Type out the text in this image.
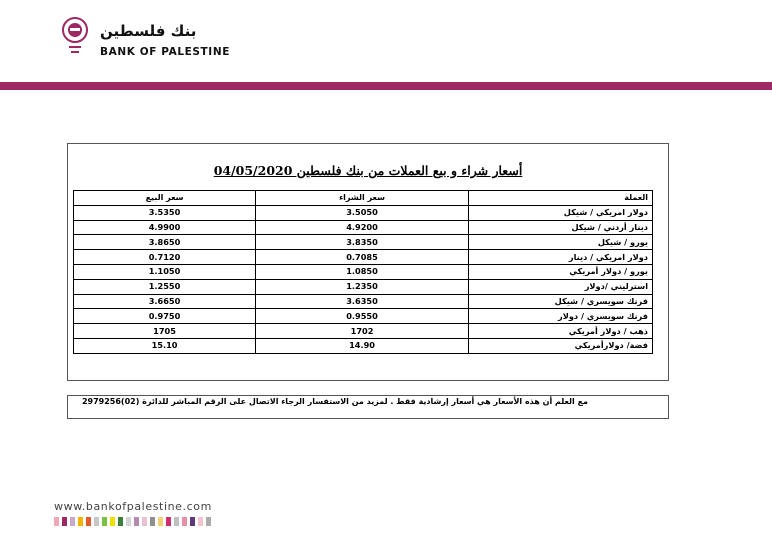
بنك فلسطين
BANK OF PALESTINE
أسعار شراء و بيع العملات من بنك فلسطين 04/05/2020
سعر البيع	سعر الشراء	العملة
3.5350	3.5050	دولار امريكي / شيكل
4.9900	4.9200	دينار أردني / شيكل
3.8650	3.8350	يورو / شيكل
0.7120	0.7085	دولار امريكي / دينار
1.1050	1.0850	يورو / دولار أمريكي
1.2550	1.2350	استرليني /دولار
3.6650	3.6350	فرنك سويسري / شيكل
0.9750	0.9550	فرنك سويسري / دولار
1705	1702	ذهب / دولار أمريكي
15.10	14.90	فضة/ دولارأمريكي
مع العلم أن هذه الأسعار هي أسعار إرشادية فقط . لمزيد من الاستفسار الرجاء الاتصال على الرقم المباشر للدائرة (02)2979256
www.bankofpalestine.com
